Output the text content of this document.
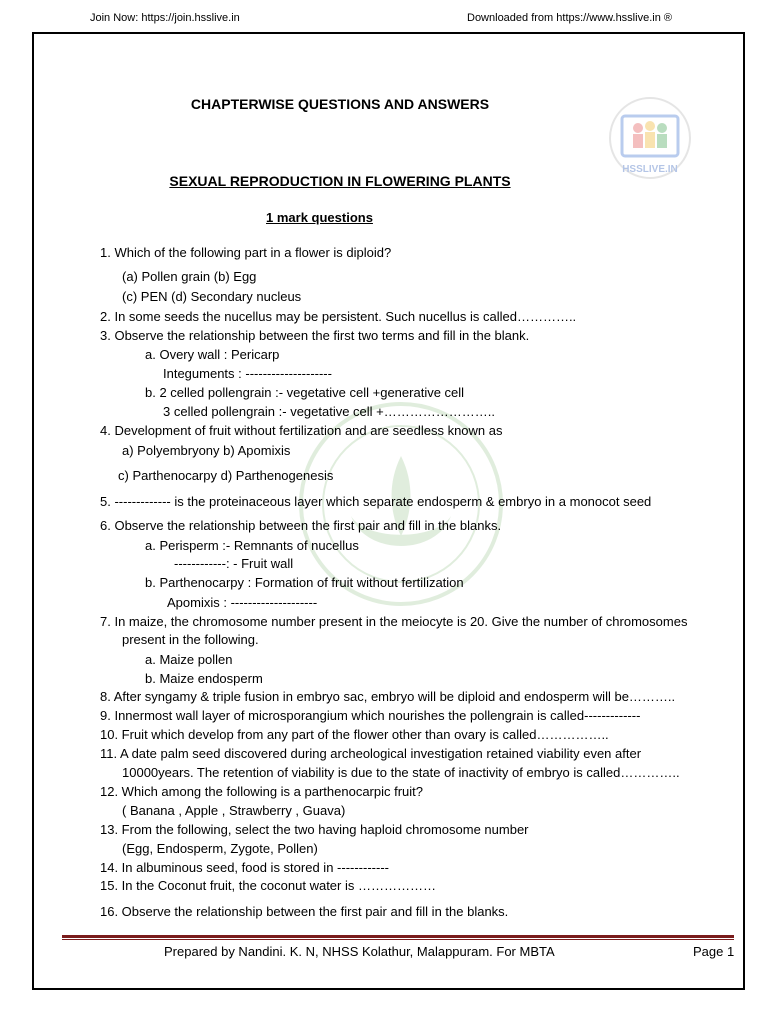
Join Now: https://join.hsslive.in	Downloaded from https://www.hsslive.in ®
HSSLIVE.IN
CHAPTERWISE QUESTIONS AND ANSWERS
SEXUAL REPRODUCTION IN FLOWERING PLANTS
1 mark questions
1. Which of the following part in a flower is diploid?
(a) Pollen grain (b) Egg
(c) PEN (d) Secondary nucleus
2. In some seeds the nucellus may be persistent. Such nucellus is called…………..
3. Observe the relationship between the first two terms and fill in the blank.
a. Overy wall : Pericarp
Integuments : --------------------
b. 2 celled pollengrain :- vegetative cell +generative cell
3 celled pollengrain :- vegetative cell +……………………..
4. Development of fruit without fertilization and are seedless known as
a) Polyembryony b) Apomixis
c) Parthenocarpy d) Parthenogenesis
5. ------------- is the proteinaceous layer which separate endosperm & embryo in a monocot seed
6. Observe the relationship between the first pair and fill in the blanks.
a. Perisperm :- Remnants of nucellus
------------: - Fruit wall
b. Parthenocarpy : Formation of fruit without fertilization
Apomixis : --------------------
7. In maize, the chromosome number present in the meiocyte is 20. Give the number of chromosomes
present in the following.
a. Maize pollen
b. Maize endosperm
8. After syngamy & triple fusion in embryo sac, embryo will be diploid and endosperm will be………..
9. Innermost wall layer of microsporangium which nourishes the pollengrain is called-------------
10. Fruit which develop from any part of the flower other than ovary is called……………..
11. A date palm seed discovered during archeological investigation retained viability even after
10000years. The retention of viability is due to the state of inactivity of embryo is called…………..
12. Which among the following is a parthenocarpic fruit?
( Banana , Apple , Strawberry , Guava)
13. From the following, select the two having haploid chromosome number
(Egg, Endosperm, Zygote, Pollen)
14. In albuminous seed, food is stored in ------------
15. In the Coconut fruit, the coconut water is ………………
16. Observe the relationship between the first pair and fill in the blanks.
Prepared by Nandini. K. N, NHSS Kolathur, Malappuram. For MBTA	Page 1
